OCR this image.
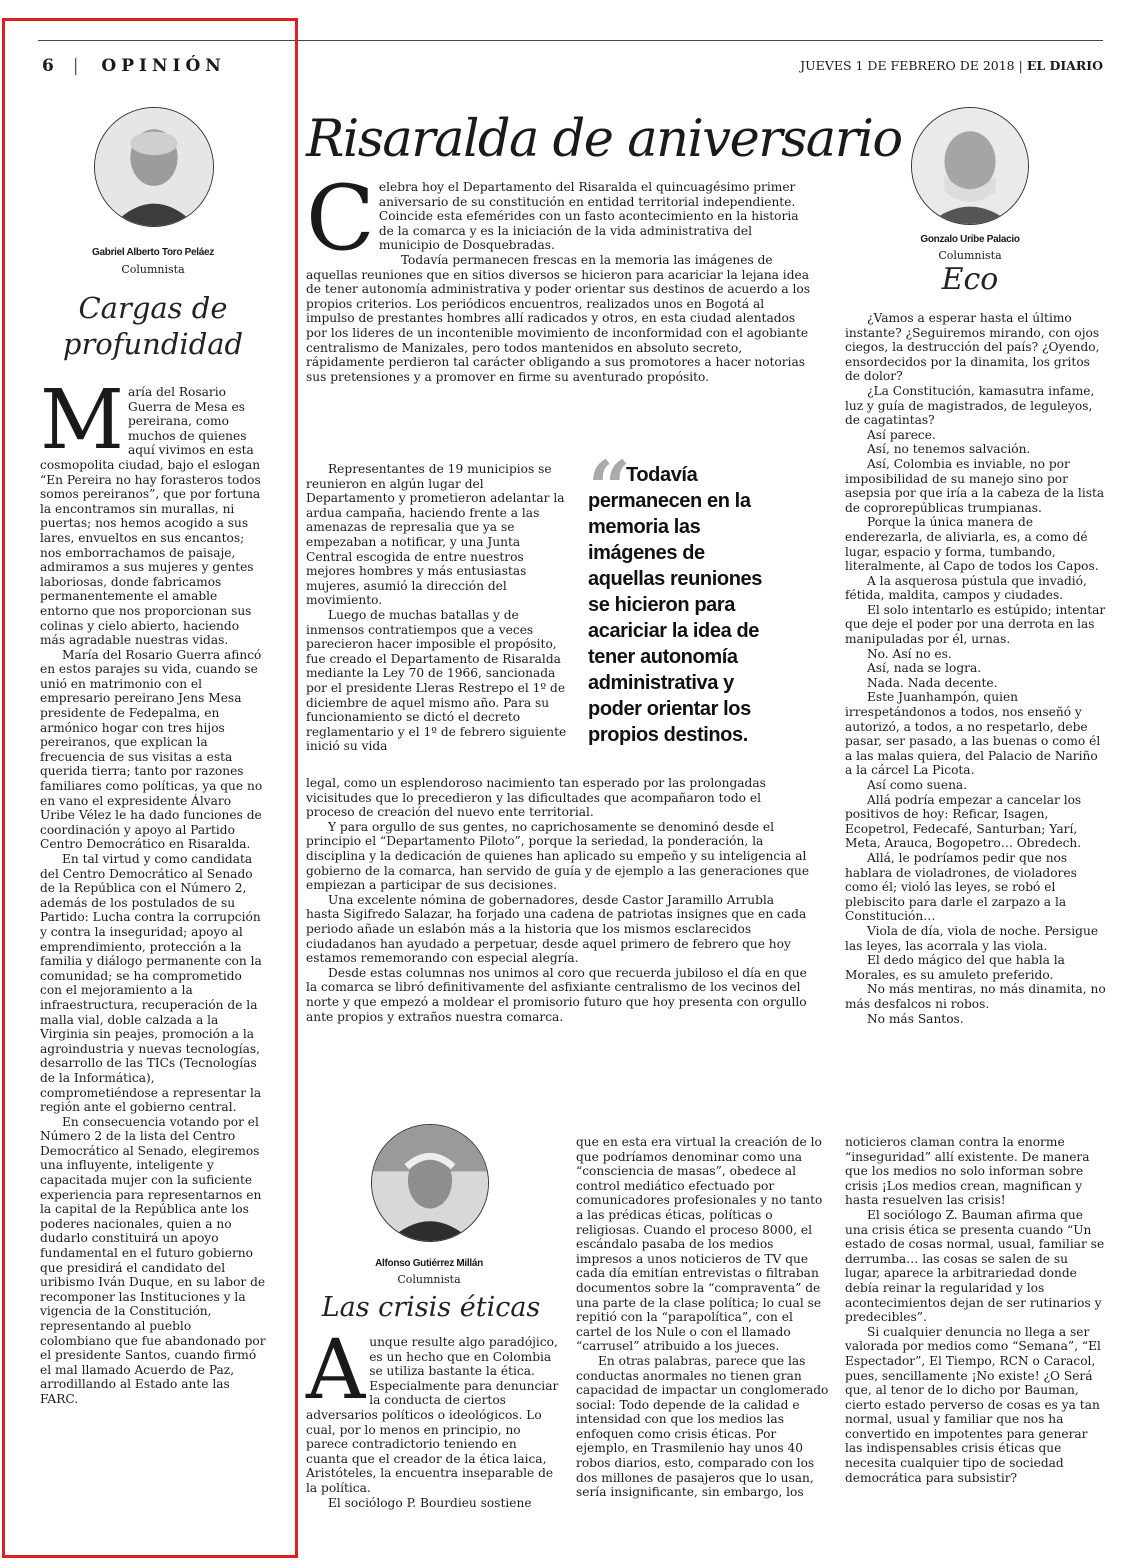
6 | OPINIÓN	JUEVES 1 DE FEBRERO DE 2018 | EL DIARIO
Gabriel Alberto Toro Peláez
Columnista
Cargas de profundidad

María del Rosario Guerra de Mesa es pereirana, como muchos de quienes aquí vivimos en esta cosmopolita ciudad, bajo el eslogan “En Pereira no hay forasteros todos somos pereiranos”, que por fortuna la encontramos sin murallas, ni puertas; nos hemos acogido a sus lares, envueltos en sus encantos; nos emborrachamos de paisaje, admiramos a sus mujeres y gentes laboriosas, donde fabricamos permanentemente el amable entorno que nos proporcionan sus colinas y cielo abierto, haciendo más agradable nuestras vidas.

María del Rosario Guerra afincó en estos parajes su vida, cuando se unió en matrimonio con el empresario pereirano Jens Mesa presidente de Fedepalma, en armónico hogar con tres hijos pereiranos, que explican la frecuencia de sus visitas a esta querida tierra; tanto por razones familiares como políticas, ya que no en vano el expresidente Álvaro Uribe Vélez le ha dado funciones de coordinación y apoyo al Partido Centro Democrático en Risaralda.

En tal virtud y como candidata del Centro Democrático al Senado de la República con el Número 2, además de los postulados de su Partido: Lucha contra la corrupción y contra la inseguridad; apoyo al emprendimiento, protección a la familia y diálogo permanente con la comunidad; se ha comprometido con el mejoramiento a la infraestructura, recuperación de la malla vial, doble calzada a la Virginia sin peajes, promoción a la agroindustria y nuevas tecnologías, desarrollo de las TICs (Tecnologías de la Informática), comprometiéndose a representar la región ante el gobierno central.

En consecuencia votando por el Número 2 de la lista del Centro Democrático al Senado, elegiremos una influyente, inteligente y capacitada mujer con la suficiente experiencia para representarnos en la capital de la República ante los poderes nacionales, quien a no dudarlo constituirá un apoyo fundamental en el futuro gobierno que presidirá el candidato del uribismo Iván Duque, en su labor de recomponer las Instituciones y la vigencia de la Constitución, representando al pueblo colombiano que fue abandonado por el presidente Santos, cuando firmó el mal llamado Acuerdo de Paz, arrodillando al Estado ante las FARC.

Risaralda de aniversario

Celebra hoy el Departamento del Risaralda el quincuagésimo primer aniversario de su constitución en entidad territorial independiente. Coincide esta efemérides con un fasto acontecimiento en la historia de la comarca y es la iniciación de la vida administrativa del municipio de Dosquebradas.

Todavía permanecen frescas en la memoria las imágenes de aquellas reuniones que en sitios diversos se hicieron para acariciar la lejana idea de tener autonomía administrativa y poder orientar sus destinos de acuerdo a los propios criterios. Los periódicos encuentros, realizados unos en Bogotá al impulso de prestantes hombres allí radicados y otros, en esta ciudad alentados por los lideres de un incontenible movimiento de inconformidad con el agobiante centralismo de Manizales, pero todos mantenidos en absoluto secreto, rápidamente perdieron tal carácter obligando a sus promotores a hacer notorias sus pretensiones y a promover en firme su aventurado propósito.

Representantes de 19 municipios se reunieron en algún lugar del Departamento y prometieron adelantar la ardua campaña, haciendo frente a las amenazas de represalia que ya se empezaban a notificar, y una Junta Central escogida de entre nuestros mejores hombres y más entusiastas mujeres, asumió la dirección del movimiento.

Luego de muchas batallas y de inmensos contratiempos que a veces parecieron hacer imposible el propósito, fue creado el Departamento de Risaralda mediante la Ley 70 de 1966, sancionada por el presidente Lleras Restrepo el 1º de diciembre de aquel mismo año. Para su funcionamiento se dictó el decreto reglamentario y el 1º de febrero siguiente inició su vida

“
Todavía permanecen en la memoria las imágenes de aquellas reuniones se hicieron para acariciar la idea de tener autonomía administrativa y poder orientar los propios destinos.

legal, como un esplendoroso nacimiento tan esperado por las prolongadas vicisitudes que lo precedieron y las dificultades que acompañaron todo el proceso de creación del nuevo ente territorial.

Y para orgullo de sus gentes, no caprichosamente se denominó desde el principio el “Departamento Piloto”, porque la seriedad, la ponderación, la disciplina y la dedicación de quienes han aplicado su empeño y su inteligencia al gobierno de la comarca, han servido de guía y de ejemplo a las generaciones que empiezan a participar de sus decisiones.

Una excelente nómina de gobernadores, desde Castor Jaramillo Arrubla hasta Sigifredo Salazar, ha forjado una cadena de patriotas insignes que en cada periodo añade un eslabón más a la historia que los mismos esclarecidos ciudadanos han ayudado a perpetuar, desde aquel primero de febrero que hoy estamos rememorando con especial alegría.

Desde estas columnas nos unimos al coro que recuerda jubiloso el día en que la comarca se libró definitivamente del asfixiante centralismo de los vecinos del norte y que empezó a moldear el promisorio futuro que hoy presenta con orgullo ante propios y extraños nuestra comarca.

Gonzalo Uribe Palacio
Columnista
Eco

¿Vamos a esperar hasta el último instante? ¿Seguiremos mirando, con ojos ciegos, la destrucción del país? ¿Oyendo, ensordecidos por la dinamita, los gritos de dolor?

¿La Constitución, kamasutra infame, luz y guía de magistrados, de leguleyos, de cagatintas?

Así parece.

Así, no tenemos salvación.

Así, Colombia es inviable, no por imposibilidad de su manejo sino por asepsia por que iría a la cabeza de la lista de coprorepúblicas trumpianas.

Porque la única manera de enderezarla, de aliviarla, es, a como dé lugar, espacio y forma, tumbando, literalmente, al Capo de todos los Capos.

A la asquerosa pústula que invadió, fétida, maldita, campos y ciudades.

El solo intentarlo es estúpido; intentar que deje el poder por una derrota en las manipuladas por él, urnas.

No. Así no es.

Así, nada se logra.

Nada. Nada decente.

Este Juanhampón, quien irrespetándonos a todos, nos enseñó y autorizó, a todos, a no respetarlo, debe pasar, ser pasado, a las buenas o como él a las malas quiera, del Palacio de Nariño a la cárcel La Picota.

Así como suena.

Allá podría empezar a cancelar los positivos de hoy: Reficar, Isagen, Ecopetrol, Fedecafé, Santurban; Yarí, Meta, Arauca, Bogopetro… Obredech.

Allá, le podríamos pedir que nos hablara de violadrones, de violadores como él; violó las leyes, se robó el plebiscito para darle el zarpazo a la Constitución…

Viola de día, viola de noche. Persigue las leyes, las acorrala y las viola.

El dedo mágico del que habla la Morales, es su amuleto preferido.

No más mentiras, no más dinamita, no más desfalcos ni robos.

No más Santos.

Alfonso Gutiérrez Millán
Columnista
Las crisis éticas

Aunque resulte algo paradójico, es un hecho que en Colombia se utiliza bastante la ética. Especialmente para denunciar la conducta de ciertos adversarios políticos o ideológicos. Lo cual, por lo menos en principio, no parece contradictorio teniendo en cuanta que el creador de la ética laica, Aristóteles, la encuentra inseparable de la política.

El sociólogo P. Bourdieu sostiene

que en esta era virtual la creación de lo que podríamos denominar como una “consciencia de masas”, obedece al control mediático efectuado por comunicadores profesionales y no tanto a las prédicas éticas, políticas o religiosas. Cuando el proceso 8000, el escándalo pasaba de los medios impresos a unos noticieros de TV que cada día emitían entrevistas o filtraban documentos sobre la “compraventa” de una parte de la clase política; lo cual se repitió con la “parapolítica”, con el cartel de los Nule o con el llamado “carrusel” atribuido a los jueces.

En otras palabras, parece que las conductas anormales no tienen gran capacidad de impactar un conglomerado social: Todo depende de la calidad e intensidad con que los medios las enfoquen como crisis éticas. Por ejemplo, en Trasmilenio hay unos 40 robos diarios, esto, comparado con los dos millones de pasajeros que lo usan, sería insignificante, sin embargo, los

noticieros claman contra la enorme “inseguridad” allí existente. De manera que los medios no solo informan sobre crisis ¡Los medios crean, magnifican y hasta resuelven las crisis!

El sociólogo Z. Bauman afirma que una crisis ética se presenta cuando “Un estado de cosas normal, usual, familiar se derrumba… las cosas se salen de su lugar, aparece la arbitrariedad donde debía reinar la regularidad y los acontecimientos dejan de ser rutinarios y predecibles”.

Si cualquier denuncia no llega a ser valorada por medios como “Semana”, “El Espectador”, El Tiempo, RCN o Caracol, pues, sencillamente ¡No existe! ¿O Será que, al tenor de lo dicho por Bauman, cierto estado perverso de cosas es ya tan normal, usual y familiar que nos ha convertido en impotentes para generar las indispensables crisis éticas que necesita cualquier tipo de sociedad democrática para subsistir?
